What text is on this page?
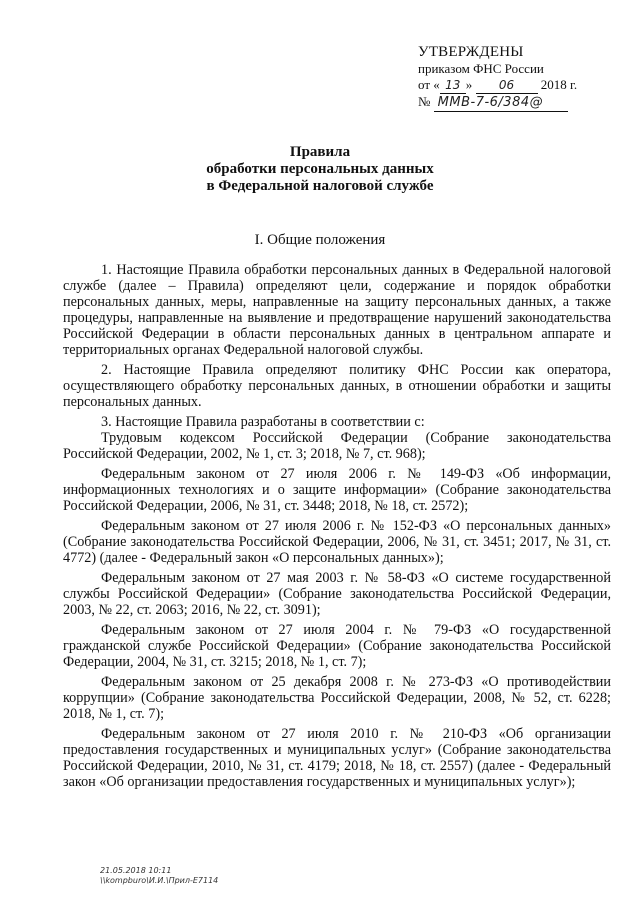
УТВЕРЖДЕНЫ
приказом ФНС России
от « 13 » 06 2018 г.
№ ММВ-7-6/384@
Правила
обработки персональных данных
в Федеральной налоговой службе
I. Общие положения

1. Настоящие Правила обработки персональных данных в Федеральной налоговой службе (далее – Правила) определяют цели, содержание и порядок обработки персональных данных, меры, направленные на защиту персональных данных, а также процедуры, направленные на выявление и предотвращение нарушений законодательства Российской Федерации в области персональных данных в центральном аппарате и территориальных органах Федеральной налоговой службы.

2. Настоящие Правила определяют политику ФНС России как оператора, осуществляющего обработку персональных данных, в отношении обработки и защиты персональных данных.

3. Настоящие Правила разработаны в соответствии с:

Трудовым кодексом Российской Федерации (Собрание законодательства Российской Федерации, 2002, № 1, ст. 3; 2018, № 7, ст. 968);

Федеральным законом от 27 июля 2006 г. № 149-ФЗ «Об информации, информационных технологиях и о защите информации» (Собрание законодательства Российской Федерации, 2006, № 31, ст. 3448; 2018, № 18, ст. 2572);

Федеральным законом от 27 июля 2006 г. № 152-ФЗ «О персональных данных» (Собрание законодательства Российской Федерации, 2006, № 31, ст. 3451; 2017, № 31, ст. 4772) (далее - Федеральный закон «О персональных данных»);

Федеральным законом от 27 мая 2003 г. № 58-ФЗ «О системе государственной службы Российской Федерации» (Собрание законодательства Российской Федерации, 2003, № 22, ст. 2063; 2016, № 22, ст. 3091);

Федеральным законом от 27 июля 2004 г. № 79-ФЗ «О государственной гражданской службе Российской Федерации» (Собрание законодательства Российской Федерации, 2004, № 31, ст. 3215; 2018, № 1, ст. 7);

Федеральным законом от 25 декабря 2008 г. № 273-ФЗ «О противодействии коррупции» (Собрание законодательства Российской Федерации, 2008, № 52, ст. 6228; 2018, № 1, ст. 7);

Федеральным законом от 27 июля 2010 г. № 210-ФЗ «Об организации предоставления государственных и муниципальных услуг» (Собрание законодательства Российской Федерации, 2010, № 31, ст. 4179; 2018, № 18, ст. 2557) (далее - Федеральный закон «Об организации предоставления государственных и муниципальных услуг»);

21.05.2018 10:11
\\kompburo\И.И.\Прил-Е7114
